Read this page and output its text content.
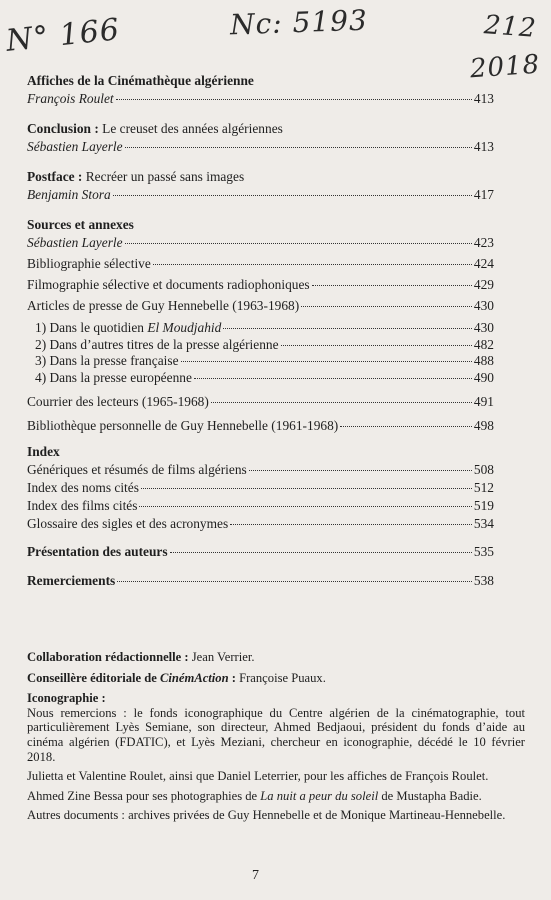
N° 166	Nc: 5193	212
2018
Affiches de la Cinémathèque algérienne
François Roulet	413
Conclusion : Le creuset des années algériennes
Sébastien Layerle	413
Postface : Recréer un passé sans images
Benjamin Stora	417
Sources et annexes
Sébastien Layerle	423
Bibliographie sélective	424
Filmographie sélective et documents radiophoniques	429
Articles de presse de Guy Hennebelle (1963-1968)	430
1) Dans le quotidien El Moudjahid	430
2) Dans d’autres titres de la presse algérienne	482
3) Dans la presse française	488
4) Dans la presse européenne	490
Courrier des lecteurs (1965-1968)	491
Bibliothèque personnelle de Guy Hennebelle (1961-1968)	498
Index
Génériques et résumés de films algériens	508
Index des noms cités	512
Index des films cités	519
Glossaire des sigles et des acronymes	534
Présentation des auteurs	535
Remerciements	538

Collaboration rédactionnelle : Jean Verrier.

Conseillère éditoriale de CinémAction : Françoise Puaux.

Iconographie :

Nous remercions : le fonds iconographique du Centre algérien de la cinématographie, tout particulièrement Lyès Semiane, son directeur, Ahmed Bedjaoui, président du fonds d’aide au cinéma algérien (FDATIC), et Lyès Meziani, chercheur en iconographie, décédé le 10 février 2018.

Julietta et Valentine Roulet, ainsi que Daniel Leterrier, pour les affiches de François Roulet.

Ahmed Zine Bessa pour ses photographies de La nuit a peur du soleil de Mustapha Badie.

Autres documents : archives privées de Guy Hennebelle et de Monique Martineau-Hennebelle.

7
